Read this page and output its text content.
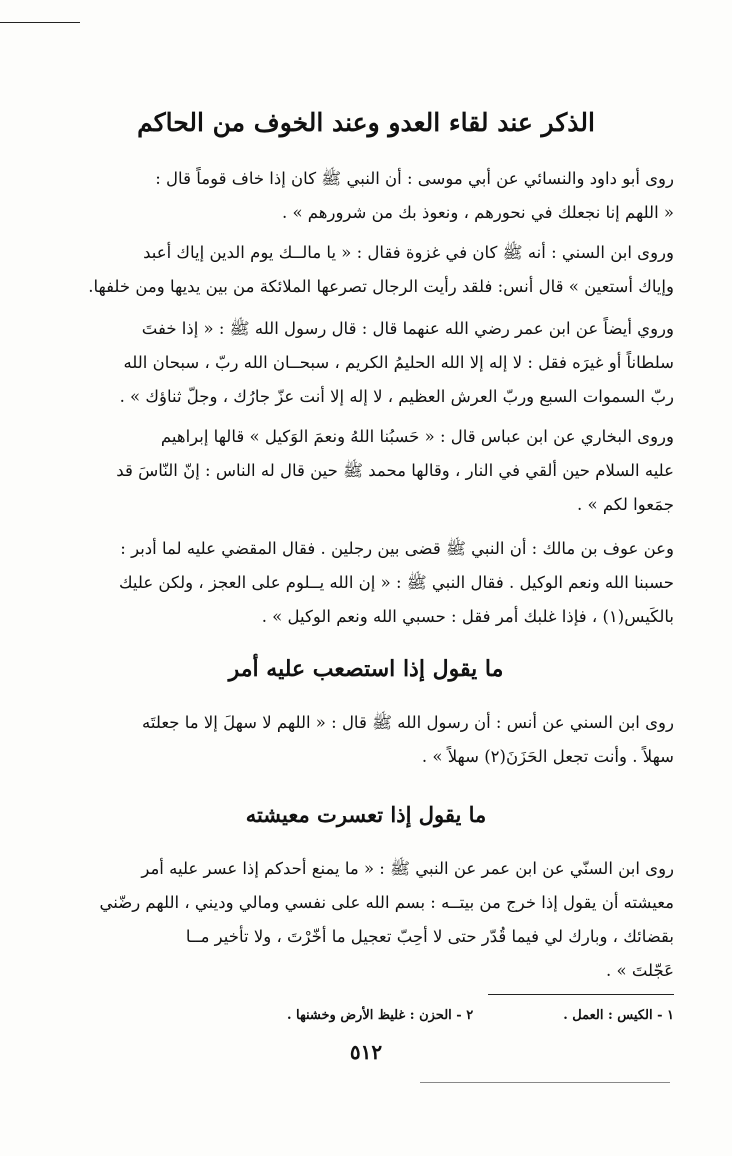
الذكر عند لقاء العدو وعند الخوف من الحاكم

روى أبو داود والنسائي عن أبي موسى : أن النبي ﷺ كان إذا خاف قوماً قال :

« اللهم إنا نجعلك في نحورهم ، ونعوذ بك من شرورهم » .

وروى ابن السني : أنه ﷺ كان في غزوة فقال : « يا مالــك يوم الدين إياك أعبد

وإياك أستعين » قال أنس: فلقد رأيت الرجال تصرعها الملائكة من بين يديها ومن خلفها.

وروي أيضاً عن ابن عمر رضي الله عنهما قال : قال رسول الله ﷺ : « إذا خفتَ

سلطاناً أو غيرَه فقل : لا إله إلا الله الحليمُ الكريم ، سبحــان الله ربّ ، سبحان الله

ربّ السموات السبع وربّ العرش العظيم ، لا إله إلا أنت عزّ جارُك ، وجلّ ثناؤك » .

وروى البخاري عن ابن عباس قال : « حَسبُنا اللهُ ونعمَ الوَكيل » قالها إبراهيم

عليه السلام حين ألقي في النار ، وقالها محمد ﷺ حين قال له الناس : إنّ النّاسَ قد

جمَعوا لكم » .

وعن عوف بن مالك : أن النبي ﷺ قضى بين رجلين . فقال المقضي عليه لما أدبر :

حسبنا الله ونعم الوكيل . فقال النبي ﷺ : « إن الله يــلوم على العجز ، ولكن عليك

بالكَيس(١) ، فإذا غلبك أمر فقل : حسبي الله ونعم الوكيل » .

ما يقول إذا استصعب عليه أمر

روى ابن السني عن أنس : أن رسول الله ﷺ قال : « اللهم لا سهلَ إلا ما جعلتَه

سهلاً . وأنت تجعل الحَزَنَ(٢) سهلاً » .

ما يقول إذا تعسرت معيشته

روى ابن السنّي عن ابن عمر عن النبي ﷺ : « ما يمنع أحدكم إذا عسر عليه أمر

معيشته أن يقول إذا خرج من بيتــه : بسم الله على نفسي ومالي وديني ، اللهم رضّني

بقضائك ، وبارك لي فيما قُدّر حتى لا أحِبّ تعجيل ما أخّرْتَ ، ولا تأخير مــا

عَجّلتَ » .

١ - الكيس : العمل .
٢ - الحزن : غليظ الأرض وخشنها .
٥١٢
